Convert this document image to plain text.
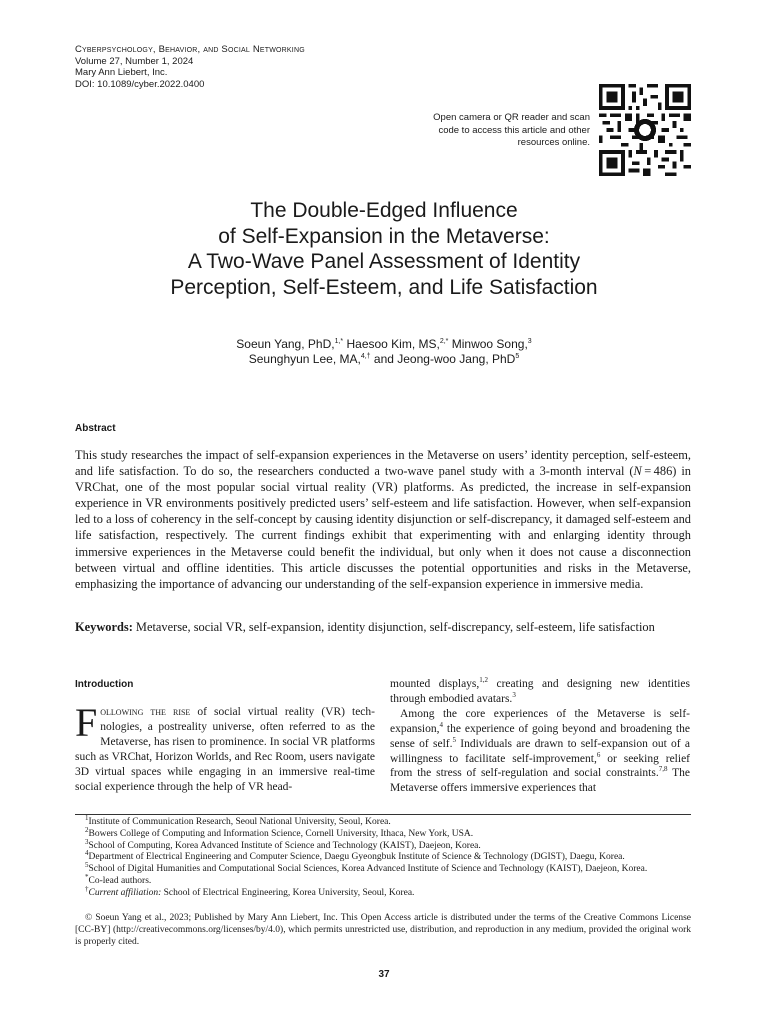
Cyberpsychology, Behavior, and Social Networking
Volume 27, Number 1, 2024
Mary Ann Liebert, Inc.
DOI: 10.1089/cyber.2022.0400
Open camera or QR reader and scan code to access this article and other resources online.
The Double-Edged Influence
of Self-Expansion in the Metaverse:
A Two-Wave Panel Assessment of Identity
Perception, Self-Esteem, and Life Satisfaction
Soeun Yang, PhD,$^{1,*}$ Haesoo Kim, MS,$^{2,*}$ Minwoo Song,$^3$
Seunghyun Lee, MA,$^{4,\dagger}$ and Jeong-woo Jang, PhD$^5$
Abstract
This study researches the impact of self-expansion experiences in the Metaverse on users’ identity perception, self-esteem, and life satisfaction. To do so, the researchers conducted a two-wave panel study with a 3-month interval (N = 486) in VRChat, one of the most popular social virtual reality (VR) platforms. As predicted, the increase in self-expansion experience in VR environments positively predicted users’ self-esteem and life satisfaction. However, when self-expansion led to a loss of coherency in the self-concept by causing identity disjunction or self-discrepancy, it damaged self-esteem and life satisfaction, respectively. The current findings exhibit that experimenting with and enlarging identity through immersive experiences in the Metaverse could benefit the individual, but only when it does not cause a disconnection between virtual and offline identities. This article discusses the potential opportunities and risks in the Metaverse, emphasizing the importance of advancing our understanding of the self-expansion experience in immersive media.
Keywords: Metaverse, social VR, self-expansion, identity disjunction, self-discrepancy, self-esteem, life satisfaction
Introduction
Following the rise of social virtual reality (VR) technologies, a postreality universe, often referred to as the Metaverse, has risen to prominence. In social VR platforms such as VRChat, Horizon Worlds, and Rec Room, users navigate 3D virtual spaces while engaging in an immersive real-time social experience through the help of VR head-
mounted displays,$^{1,2}$ creating and designing new identities through embodied avatars.$^3$
Among the core experiences of the Metaverse is self-expansion,$^4$ the experience of going beyond and broadening the sense of self.$^5$ Individuals are drawn to self-expansion out of a willingness to facilitate self-improvement,$^6$ or seeking relief from the stress of self-regulation and social constraints.$^{7,8}$ The Metaverse offers immersive experiences that
$^1$Institute of Communication Research, Seoul National University, Seoul, Korea.
$^2$Bowers College of Computing and Information Science, Cornell University, Ithaca, New York, USA.
$^3$School of Computing, Korea Advanced Institute of Science and Technology (KAIST), Daejeon, Korea.
$^4$Department of Electrical Engineering and Computer Science, Daegu Gyeongbuk Institute of Science & Technology (DGIST), Daegu, Korea.
$^5$School of Digital Humanities and Computational Social Sciences, Korea Advanced Institute of Science and Technology (KAIST), Daejeon, Korea.
*Co-lead authors.
†Current affiliation: School of Electrical Engineering, Korea University, Seoul, Korea.
© Soeun Yang et al., 2023; Published by Mary Ann Liebert, Inc. This Open Access article is distributed under the terms of the Creative Commons License [CC-BY] (http://creativecommons.org/licenses/by/4.0), which permits unrestricted use, distribution, and reproduction in any medium, provided the original work is properly cited.
37
